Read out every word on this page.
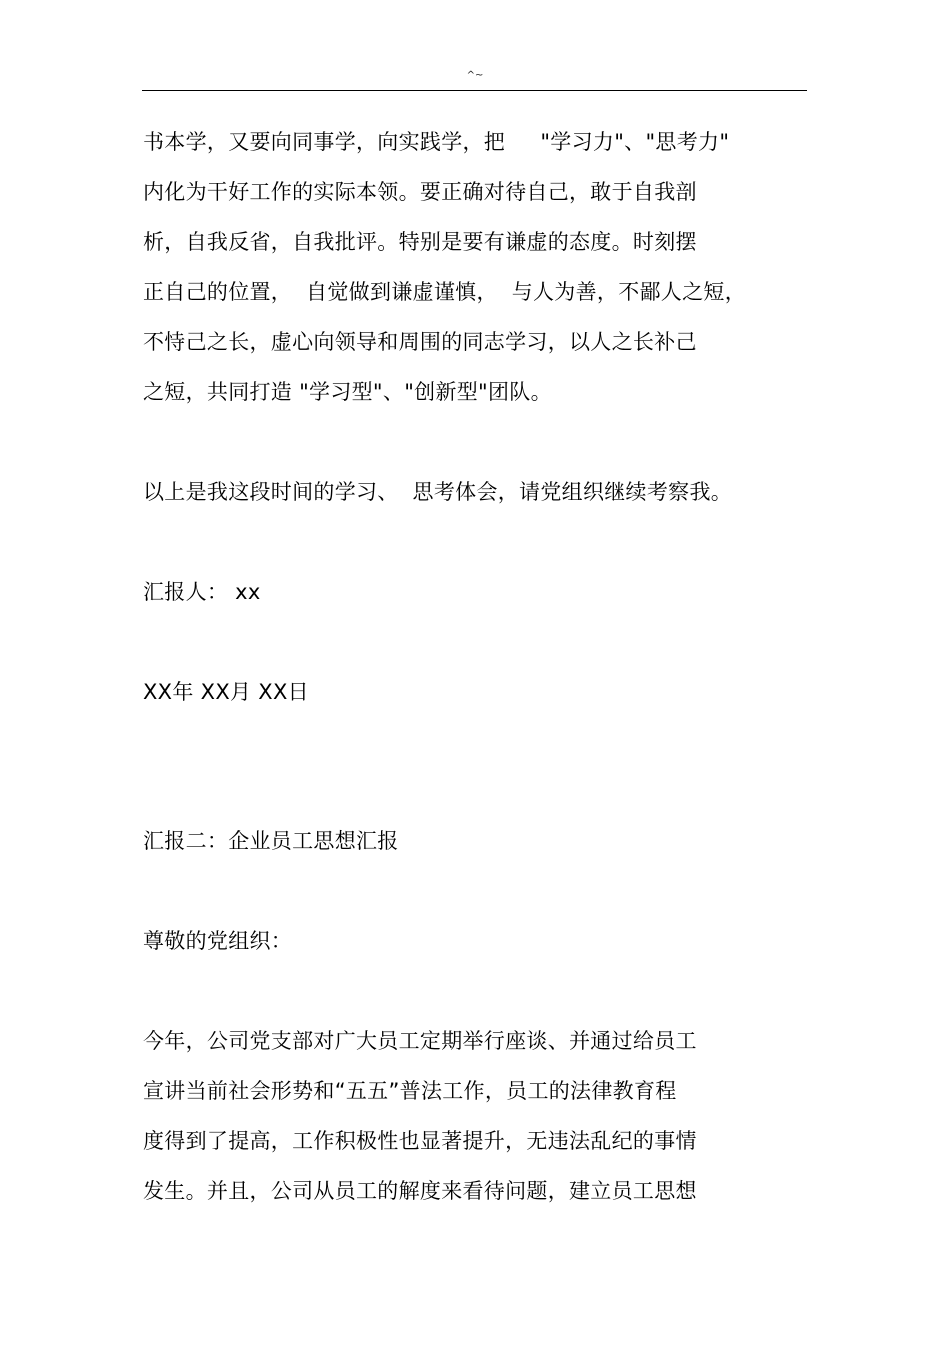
^~
书本学，又要向同事学，向实践学，把　  "学习力"、"思考力"
内化为干好工作的实际本领。要正确对待自己，敢于自我剖
析，自我反省，自我批评。特别是要有谦虚的态度。时刻摆
正自己的位置，  自觉做到谦虚谨慎，  与人为善，不鄙人之短，
不恃己之长，虚心向领导和周围的同志学习，以人之长补己
之短，共同打造 "学习型"、"创新型"团队。
以上是我这段时间的学习、  思考体会，请党组织继续考察我。
汇报人： xx
XX年 XX月 XX日
汇报二：企业员工思想汇报
尊敬的党组织：
今年，公司党支部对广大员工定期举行座谈、并通过给员工
宣讲当前社会形势和“五五”普法工作，员工的法律教育程
度得到了提高，工作积极性也显著提升，无违法乱纪的事情
发生。并且，公司从员工的解度来看待问题，建立员工思想
